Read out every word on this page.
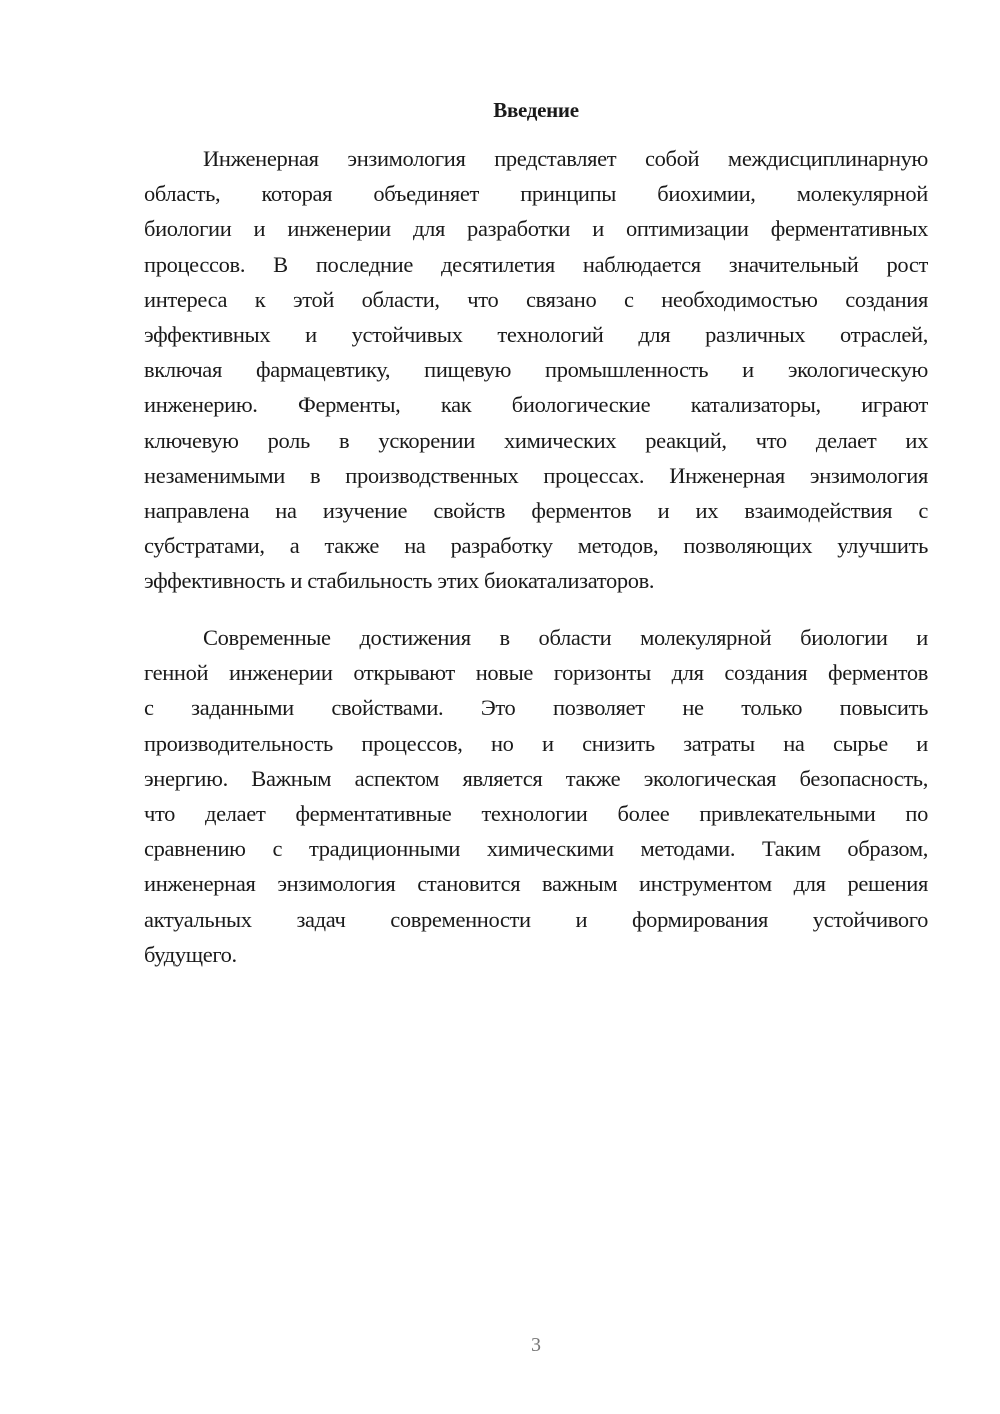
Введение
Инженерная энзимология представляет собой междисциплинарную
область, которая объединяет принципы биохимии, молекулярной
биологии и инженерии для разработки и оптимизации ферментативных
процессов. В последние десятилетия наблюдается значительный рост
интереса к этой области, что связано с необходимостью создания
эффективных и устойчивых технологий для различных отраслей,
включая фармацевтику, пищевую промышленность и экологическую
инженерию. Ферменты, как биологические катализаторы, играют
ключевую роль в ускорении химических реакций, что делает их
незаменимыми в производственных процессах. Инженерная энзимология
направлена на изучение свойств ферментов и их взаимодействия с
субстратами, а также на разработку методов, позволяющих улучшить
эффективность и стабильность этих биокатализаторов.
Современные достижения в области молекулярной биологии и
генной инженерии открывают новые горизонты для создания ферментов
с заданными свойствами. Это позволяет не только повысить
производительность процессов, но и снизить затраты на сырье и
энергию. Важным аспектом является также экологическая безопасность,
что делает ферментативные технологии более привлекательными по
сравнению с традиционными химическими методами. Таким образом,
инженерная энзимология становится важным инструментом для решения
актуальных задач современности и формирования устойчивого
будущего.
3
